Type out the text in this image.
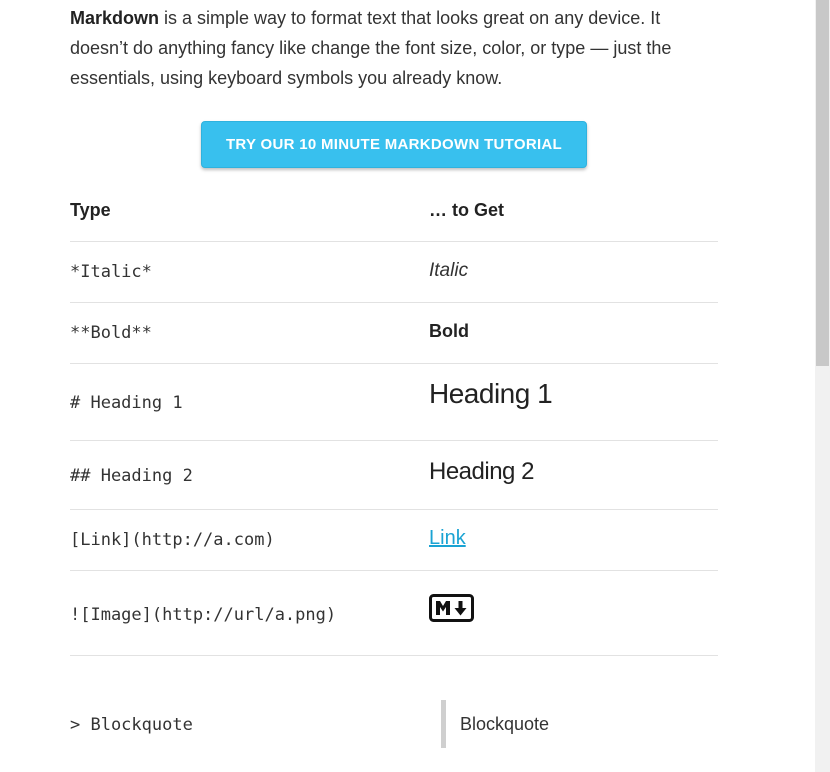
Markdown is a simple way to format text that looks great on any device. It
doesn’t do anything fancy like change the font size, color, or type — just the
essentials, using keyboard symbols you already know.

TRY OUR 10 MINUTE MARKDOWN TUTORIAL
Type	… to Get
*Italic*	Italic
**Bold**	Bold
# Heading 1	Heading 1
## Heading 2	Heading 2
[Link](http://a.com)	Link
![Image](http://url/a.png)
> Blockquote	Blockquote
